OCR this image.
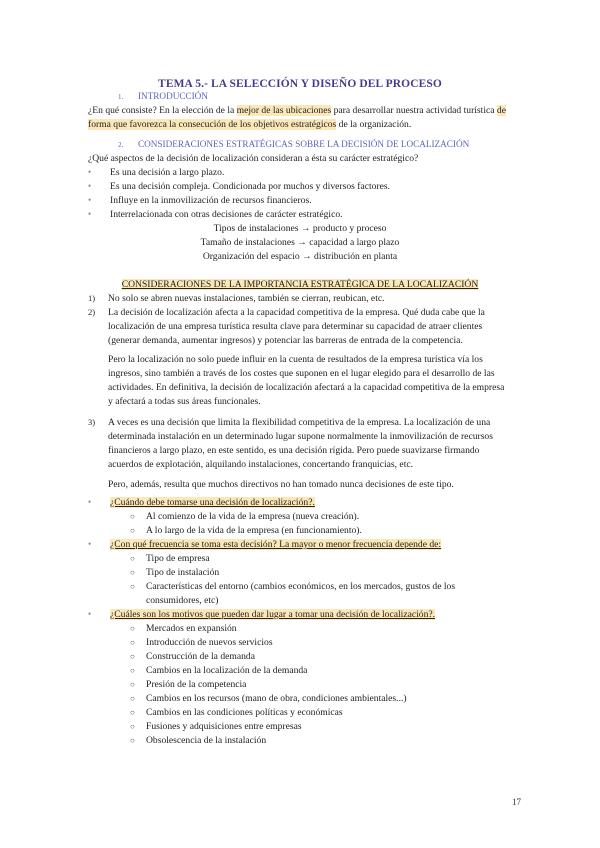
TEMA 5.- LA SELECCIÓN Y DISEÑO DEL PROCESO
1. INTRODUCCIÓN
¿En qué consiste? En la elección de la mejor de las ubicaciones para desarrollar nuestra actividad turística de
forma que favorezca la consecución de los objetivos estratégicos de la organización.
2. CONSIDERACIONES ESTRATÉGICAS SOBRE LA DECISIÓN DE LOCALIZACIÓN
¿Qué aspectos de la decisión de localización consideran a ésta su carácter estratégico?
• Es una decisión a largo plazo.
• Es una decisión compleja. Condicionada por muchos y diversos factores.
• Influye en la inmovilización de recursos financieros.
• Interrelacionada con otras decisiones de carácter estratégico.
Tipos de instalaciones → producto y proceso
Tamaño de instalaciones → capacidad a largo plazo
Organización del espacio → distribución en planta
CONSIDERACIONES DE LA IMPORTANCIA ESTRATÉGICA DE LA LOCALIZACIÓN
1) No solo se abren nuevas instalaciones, también se cierran, reubican, etc.
2) La decisión de localización afecta a la capacidad competitiva de la empresa. Qué duda cabe que la
localización de una empresa turística resulta clave para determinar su capacidad de atraer clientes
(generar demanda, aumentar ingresos) y potenciar las barreras de entrada de la competencia.
Pero la localización no solo puede influir en la cuenta de resultados de la empresa turística vía los
ingresos, sino también a través de los costes que suponen en el lugar elegido para el desarrollo de las
actividades. En definitiva, la decisión de localización afectará a la capacidad competitiva de la empresa
y afectará a todas sus áreas funcionales.
3) A veces es una decisión que limita la flexibilidad competitiva de la empresa. La localización de una
determinada instalación en un determinado lugar supone normalmente la inmovilización de recursos
financieros a largo plazo, en este sentido, es una decisión rígida. Pero puede suavizarse firmando
acuerdos de explotación, alquilando instalaciones, concertando franquicias, etc.
Pero, además, resulta que muchos directivos no han tomado nunca decisiones de este tipo.
• ¿Cuándo debe tomarse una decisión de localización?.
○ Al comienzo de la vida de la empresa (nueva creación).
○ A lo largo de la vida de la empresa (en funcionamiento).
• ¿Con qué frecuencia se toma esta decisión? La mayor o menor frecuencia depende de:
○ Tipo de empresa
○ Tipo de instalación
○ Características del entorno (cambios económicos, en los mercados, gustos de los
consumidores, etc)
• ¿Cuáles son los motivos que pueden dar lugar a tomar una decisión de localización?.
○ Mercados en expansión
○ Introducción de nuevos servicios
○ Construcción de la demanda
○ Cambios en la localización de la demanda
○ Presión de la competencia
○ Cambios en los recursos (mano de obra, condiciones ambientales...)
○ Cambios en las condiciones políticas y económicas
○ Fusiones y adquisiciones entre empresas
○ Obsolescencia de la instalación
17
